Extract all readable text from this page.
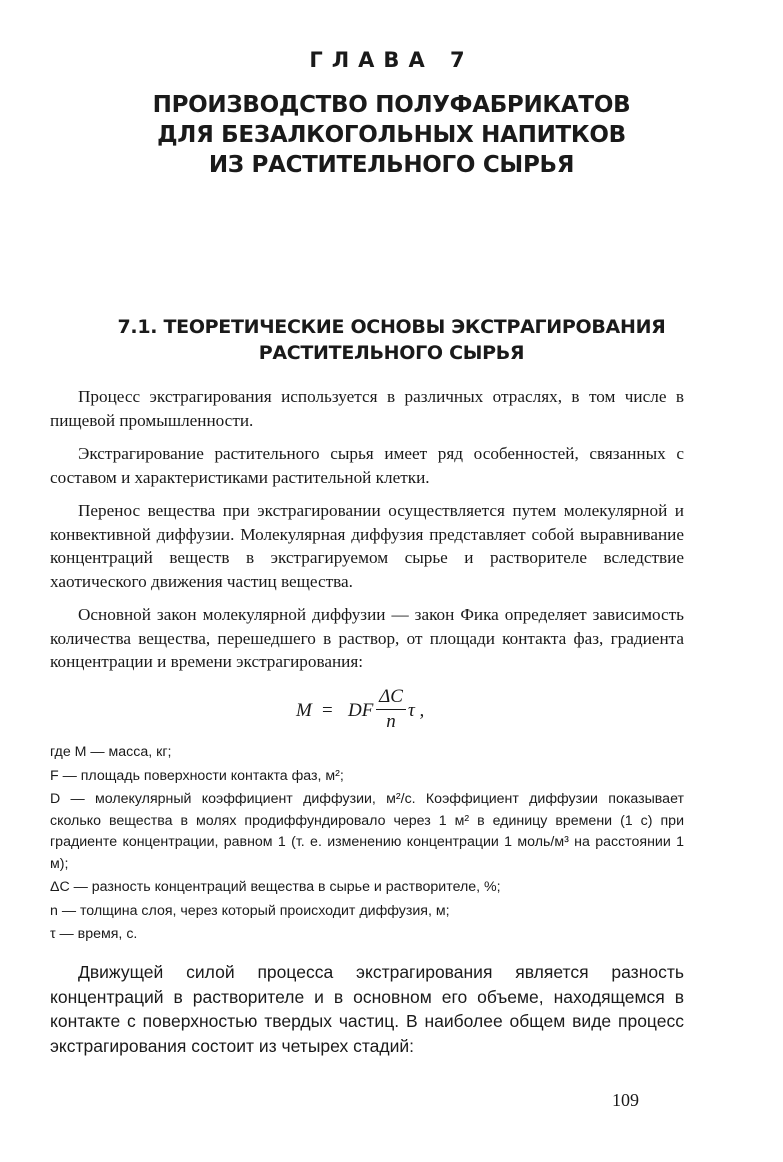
ГЛАВА 7
ПРОИЗВОДСТВО ПОЛУФАБРИКАТОВ
ДЛЯ БЕЗАЛКОГОЛЬНЫХ НАПИТКОВ
ИЗ РАСТИТЕЛЬНОГО СЫРЬЯ
7.1. ТЕОРЕТИЧЕСКИЕ ОСНОВЫ ЭКСТРАГИРОВАНИЯ
РАСТИТЕЛЬНОГО СЫРЬЯ

Процесс экстрагирования используется в различных отраслях, в том числе в пищевой промышленности.

Экстрагирование растительного сырья имеет ряд особенностей, связанных с составом и характеристиками растительной клетки.

Перенос вещества при экстрагировании осуществляется путем молекулярной и конвективной диффузии. Молекулярная диффузия представляет собой выравнивание концентраций веществ в экстрагируемом сырье и растворителе вследствие хаотического движения частиц вещества.

Основной закон молекулярной диффузии — закон Фика определяет зависимость количества вещества, перешедшего в раствор, от площади контакта фаз, градиента концентрации и времени экстрагирования:

M = DF
ΔC
n
τ ,
где M — масса, кг;
F — площадь поверхности контакта фаз, м²;
D — молекулярный коэффициент диффузии, м²/с. Коэффициент диффузии показывает сколько вещества в молях продиффундировало через 1 м² в единицу времени (1 с) при градиенте концентрации, равном 1 (т. е. изменению концентрации 1 моль/м³ на расстоянии 1 м);
ΔC — разность концентраций вещества в сырье и растворителе, %;
n — толщина слоя, через который происходит диффузия, м;
τ — время, с.

Движущей силой процесса экстрагирования является разность концентраций в растворителе и в основном его объеме, находящемся в контакте с поверхностью твердых частиц. В наиболее общем виде процесс экстрагирования состоит из четырех стадий:

109
